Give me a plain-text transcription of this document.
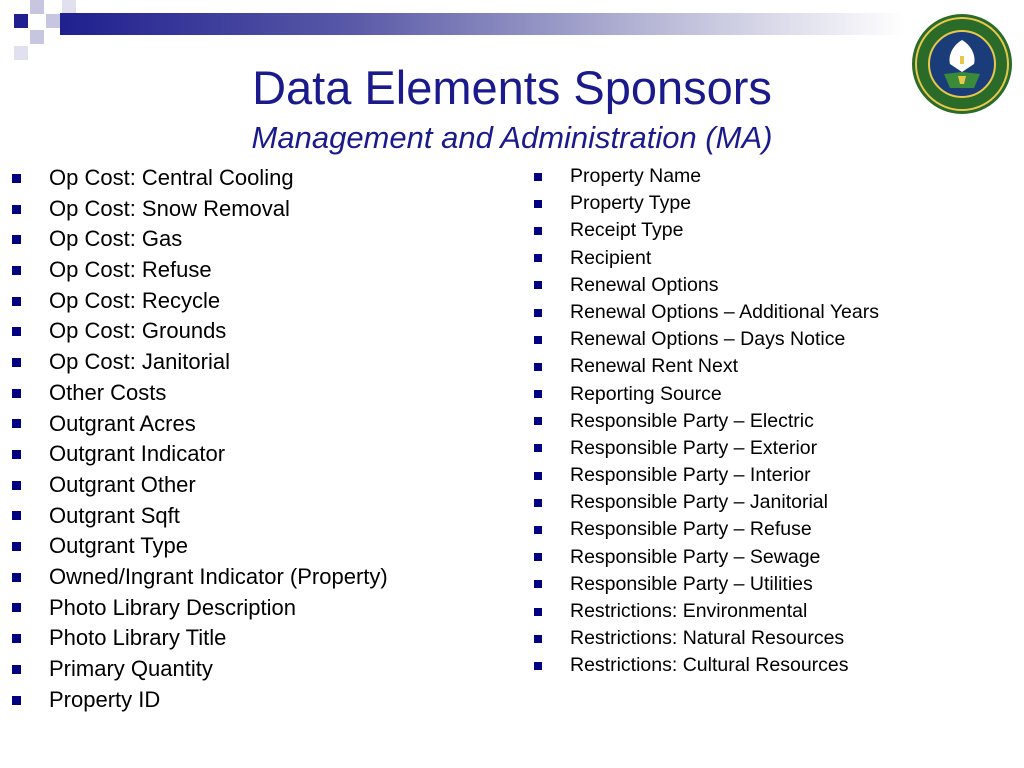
Data Elements Sponsors
Management and Administration (MA)
Op Cost: Central Cooling
Op Cost: Snow Removal
Op Cost: Gas
Op Cost: Refuse
Op Cost: Recycle
Op Cost: Grounds
Op Cost: Janitorial
Other Costs
Outgrant Acres
Outgrant Indicator
Outgrant Other
Outgrant Sqft
Outgrant Type
Owned/Ingrant Indicator (Property)
Photo Library Description
Photo Library Title
Primary Quantity
Property ID
Property Name
Property Type
Receipt Type
Recipient
Renewal Options
Renewal Options – Additional Years
Renewal Options – Days Notice
Renewal Rent Next
Reporting Source
Responsible Party – Electric
Responsible Party – Exterior
Responsible Party – Interior
Responsible Party – Janitorial
Responsible Party – Refuse
Responsible Party – Sewage
Responsible Party – Utilities
Restrictions: Environmental
Restrictions: Natural Resources
Restrictions: Cultural Resources
